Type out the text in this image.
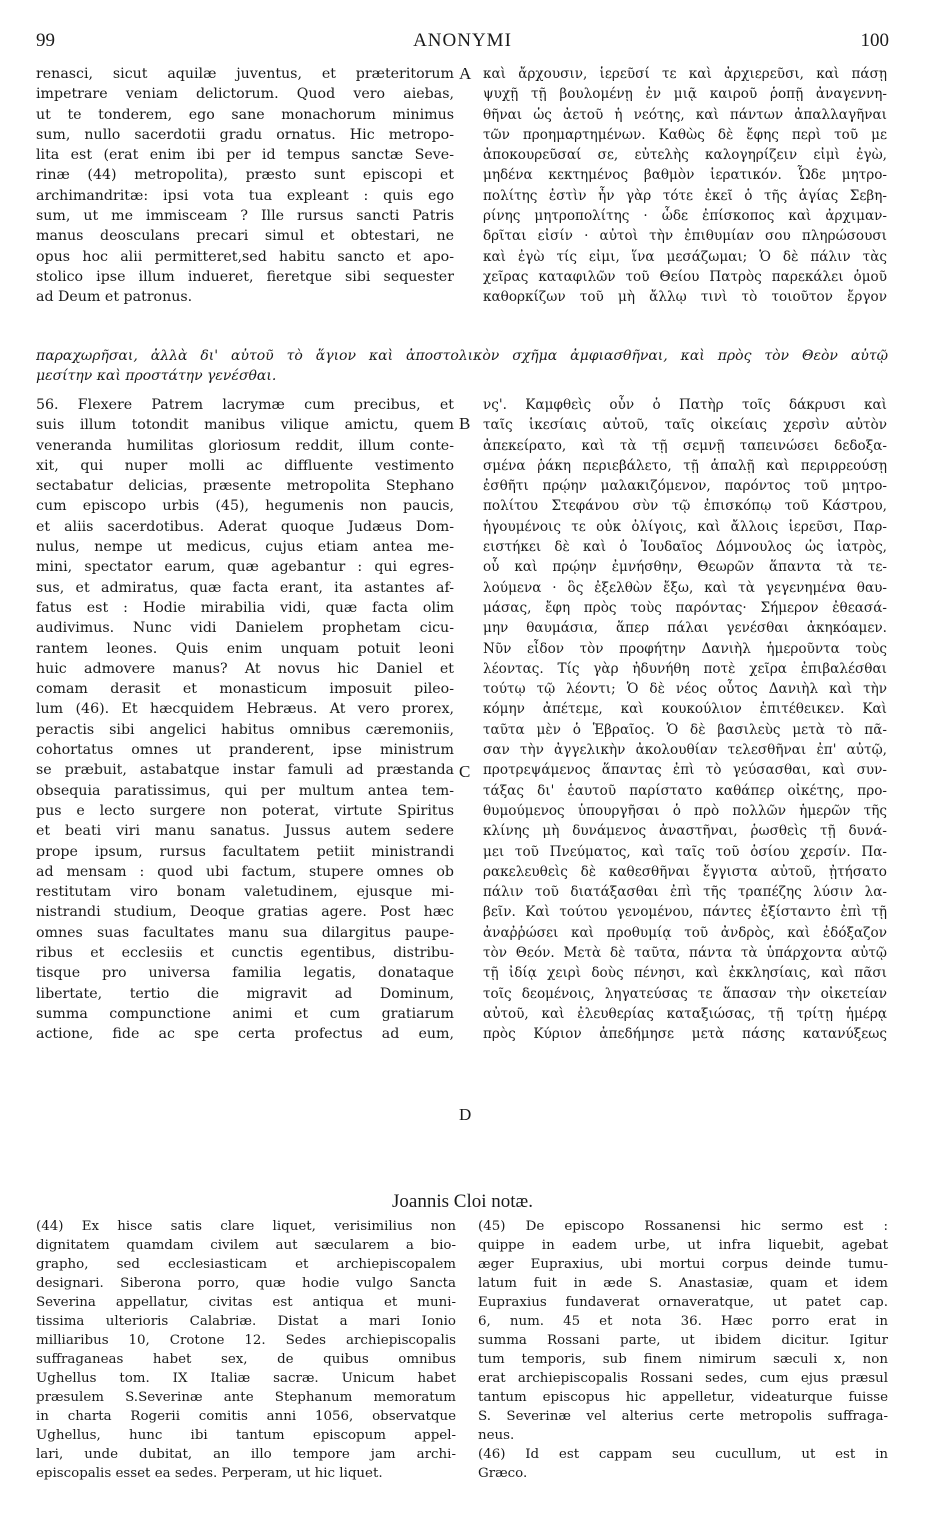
99	ANONYMI	100
renasci, sicut aquilæ juventus, et præteritorum
impetrare veniam delictorum. Quod vero aiebas,
ut te tonderem, ego sane monachorum minimus
sum, nullo sacerdotii gradu ornatus. Hic metropo-
lita est (erat enim ibi per id tempus sanctæ Seve-
rinæ (44) metropolita), præsto sunt episcopi et
archimandritæ: ipsi vota tua expleant : quis ego
sum, ut me immisceam ? Ille rursus sancti Patris
manus deosculans precari simul et obtestari, ne
opus hoc alii permitteret,sed habitu sancto et apo-
stolico ipse illum indueret, fieretque sibi sequester
ad Deum et patronus.
καὶ ἄρχουσιν, ἱερεῦσί τε καὶ ἀρχιερεῦσι, καὶ πάσῃ
ψυχῇ τῇ βουλομένῃ ἐν μιᾷ καιροῦ ῥοπῇ ἀναγεννη-
θῆναι ὡς ἀετοῦ ἡ νεότης, καὶ πάντων ἀπαλλαγῆναι
τῶν πρoημαρτημένων. Καθὼς δὲ ἔφης περὶ τοῦ με
ἀποκουρεῦσαί σε, εὐτελὴς καλογηρίζειν εἰμὶ ἐγὼ,
μηδένα κεκτημένος βαθμὸν ἱερατικόν. Ὧδε μητρο-
πολίτης ἐστὶν ἦν γὰρ τότε ἐκεῖ ὁ τῆς ἁγίας Σεβη-
ρίνης μητροπολίτης · ὧδε ἐπίσκοπος καὶ ἀρχιμαν-
δρῖται εἰσίν · αὐτοὶ τὴν ἐπιθυμίαν σου πληρώσουσι
καὶ ἐγὼ τίς εἰμι, ἵνα μεσάζωμαι; Ὁ δὲ πάλιν τὰς
χεῖρας καταφιλῶν τοῦ Θείου Πατρὸς παρεκάλει ὁμοῦ
καθορκίζων τοῦ μὴ ἄλλῳ τινὶ τὸ τοιοῦτον ἔργον
παραχωρῆσαι, ἀλλὰ δι' αὐτοῦ τὸ ἅγιον καὶ ἀποστολικὸν σχῆμα ἀμφιασθῆναι, καὶ πρὸς τὸν Θεὸν αὐτῷ
μεσίτην καὶ προστάτην γενέσθαι.
56. Flexere Patrem lacrymæ cum precibus, et
suis illum totondit manibus vilique amictu, quem
veneranda humilitas gloriosum reddit, illum conte-
xit, qui nuper molli ac diffluente vestimento
sectabatur delicias, præsente metropolita Stephano
cum episcopo urbis (45), hegumenis non paucis,
et aliis sacerdotibus. Aderat quoque Judæus Dom-
nulus, nempe ut medicus, cujus etiam antea me-
mini, spectator earum, quæ agebantur : qui egres-
sus, et admiratus, quæ facta erant, ita astantes af-
fatus est : Hodie mirabilia vidi, quæ facta olim
audivimus. Nunc vidi Danielem prophetam cicu-
rantem leones. Quis enim unquam potuit leoni
huic admovere manus? At novus hic Daniel et
comam derasit et monasticum imposuit pileo-
lum (46). Et hæcquidem Hebræus. At vero prorex,
peractis sibi angelici habitus omnibus cæremoniis,
cohortatus omnes ut pranderent, ipse ministrum
se præbuit, astabatque instar famuli ad præstanda
obsequia paratissimus, qui per multum antea tem-
pus e lecto surgere non poterat, virtute Spiritus
et beati viri manu sanatus. Jussus autem sedere
prope ipsum, rursus facultatem petiit ministrandi
ad mensam : quod ubi factum, stupere omnes ob
restitutam viro bonam valetudinem, ejusque mi-
nistrandi studium, Deoque gratias agere. Post hæc
omnes suas facultates manu sua dilargitus paupe-
ribus et ecclesiis et cunctis egentibus, distribu-
tisque pro universa familia legatis, donataque
libertate, tertio die migravit ad Dominum,
summa compunctione animi et cum gratiarum
actione, fide ac spe certa profectus ad eum,
νς'. Καμφθεὶς οὖν ὁ Πατὴρ τοῖς δάκρυσι καὶ
ταῖς ἱκεσίαις αὐτοῦ, ταῖς οἰκείαις χερσὶν αὐτὸν
ἀπεκείρατο, καὶ τὰ τῇ σεμνῇ ταπεινώσει δεδοξα-
σμένα ῥάκη περιεβάλετο, τῇ ἁπαλῇ καὶ περιρρεούσῃ
ἐσθῆτι πρῴην μαλακιζόμενον, παρόντος τοῦ μητρο-
πολίτου Στεφάνου σὺν τῷ ἐπισκόπῳ τοῦ Κάστρου,
ἡγουμένοις τε οὐκ ὀλίγοις, καὶ ἄλλοις ἱερεῦσι, Παρ-
ειστήκει δὲ καὶ ὁ Ἰουδαῖος Δόμνουλος ὡς ἰατρὸς,
οὗ καὶ πρῴην ἐμνήσθην, Θεωρῶν ἅπαντα τὰ τε-
λούμενα · ὃς ἐξελθὼν ἔξω, καὶ τὰ γεγενημένα θαυ-
μάσας, ἔφη πρὸς τοὺς παρόντας· Σήμερον ἐθεασά-
μην θαυμάσια, ἅπερ πάλαι γενέσθαι ἀκηκόαμεν.
Νῦν εἶδον τὸν προφήτην Δανιὴλ ἡμεροῦντα τοὺς
λέοντας. Τίς γὰρ ἠδυνήθη ποτὲ χεῖρα ἐπιβαλέσθαι
τούτῳ τῷ λέοντι; Ὁ δὲ νέος οὗτος Δανιὴλ καὶ τὴν
κόμην ἀπέτεμε, καὶ κουκούλιον ἐπιτέθεικεν. Καὶ
ταῦτα μὲν ὁ Ἑβραῖος. Ὁ δὲ βασιλεὺς μετὰ τὸ πᾶ-
σαν τὴν ἀγγελικὴν ἀκολουθίαν τελεσθῆναι ἐπ' αὐτῷ,
προτρεψάμενος ἅπαντας ἐπὶ τὸ γεύσασθαι, καὶ συν-
τάξας δι' ἑαυτοῦ παρίστατο καθάπερ οἰκέτης, προ-
θυμούμενος ὑπουργῆσαι ὁ πρὸ πολλῶν ἡμερῶν τῆς
κλίνης μὴ δυνάμενος ἀναστῆναι, ῥωσθεὶς τῇ δυνά-
μει τοῦ Πνεύματος, καὶ ταῖς τοῦ ὁσίου χερσίν. Πα-
ρακελευθεὶς δὲ καθεσθῆναι ἔγγιστα αὐτοῦ, ᾐτήσατο
πάλιν τοῦ διατάξασθαι ἐπὶ τῆς τραπέζης λύσιν λα-
βεῖν. Καὶ τούτου γενομένου, πάντες ἐξίσταντο ἐπὶ τῇ
ἀναῤῥώσει καὶ προθυμίᾳ τοῦ ἀνδρὸς, καὶ ἐδόξαζον
τὸν Θεόν. Μετὰ δὲ ταῦτα, πάντα τὰ ὑπάρχοντα αὐτῷ
τῇ ἰδίᾳ χειρὶ δοὺς πένησι, καὶ ἐκκλησίαις, καὶ πᾶσι
τοῖς δεομένοις, ληγατεύσας τε ἅπασαν τὴν οἰκετείαν
αὐτοῦ, καὶ ἐλευθερίας καταξιώσας, τῇ τρίτῃ ἡμέρᾳ
πρὸς Κύριον ἀπεδήμησε μετὰ πάσης κατανύξεως
A
B
C
D
Joannis Cloi notæ.
(44) Ex hisce satis clare liquet, verisimilius non
dignitatem quamdam civilem aut sæcularem a bio-
grapho, sed ecclesiasticam et archiepiscopalem
designari. Siberona porro, quæ hodie vulgo Sancta
Severina appellatur, civitas est antiqua et muni-
tissima ulterioris Calabriæ. Distat a mari Ionio
milliaribus 10, Crotone 12. Sedes archiepiscopalis
suffraganeas habet sex, de quibus omnibus
Ughellus tom. IX Italiæ sacræ. Unicum habet
præsulem S.Severinæ ante Stephanum memoratum
in charta Rogerii comitis anni 1056, observatque
Ughellus, hunc ibi tantum episcopum appel-
lari, unde dubitat, an illo tempore jam archi-
episcopalis esset ea sedes. Perperam, ut hic liquet.
(45) De episcopo Rossanensi hic sermo est :
quippe in eadem urbe, ut infra liquebit, agebat
æger Eupraxius, ubi mortui corpus deinde tumu-
latum fuit in æde S. Anastasiæ, quam et idem
Eupraxius fundaverat ornaveratque, ut patet cap.
6, num. 45 et nota 36. Hæc porro erat in
summa Rossani parte, ut ibidem dicitur. Igitur
tum temporis, sub finem nimirum sæculi x, non
erat archiepiscopalis Rossani sedes, cum ejus præsul
tantum episcopus hic appelletur, videaturque fuisse
S. Severinæ vel alterius certe metropolis suffraga-
neus.
(46) Id est cappam seu cucullum, ut est in
Græco.
